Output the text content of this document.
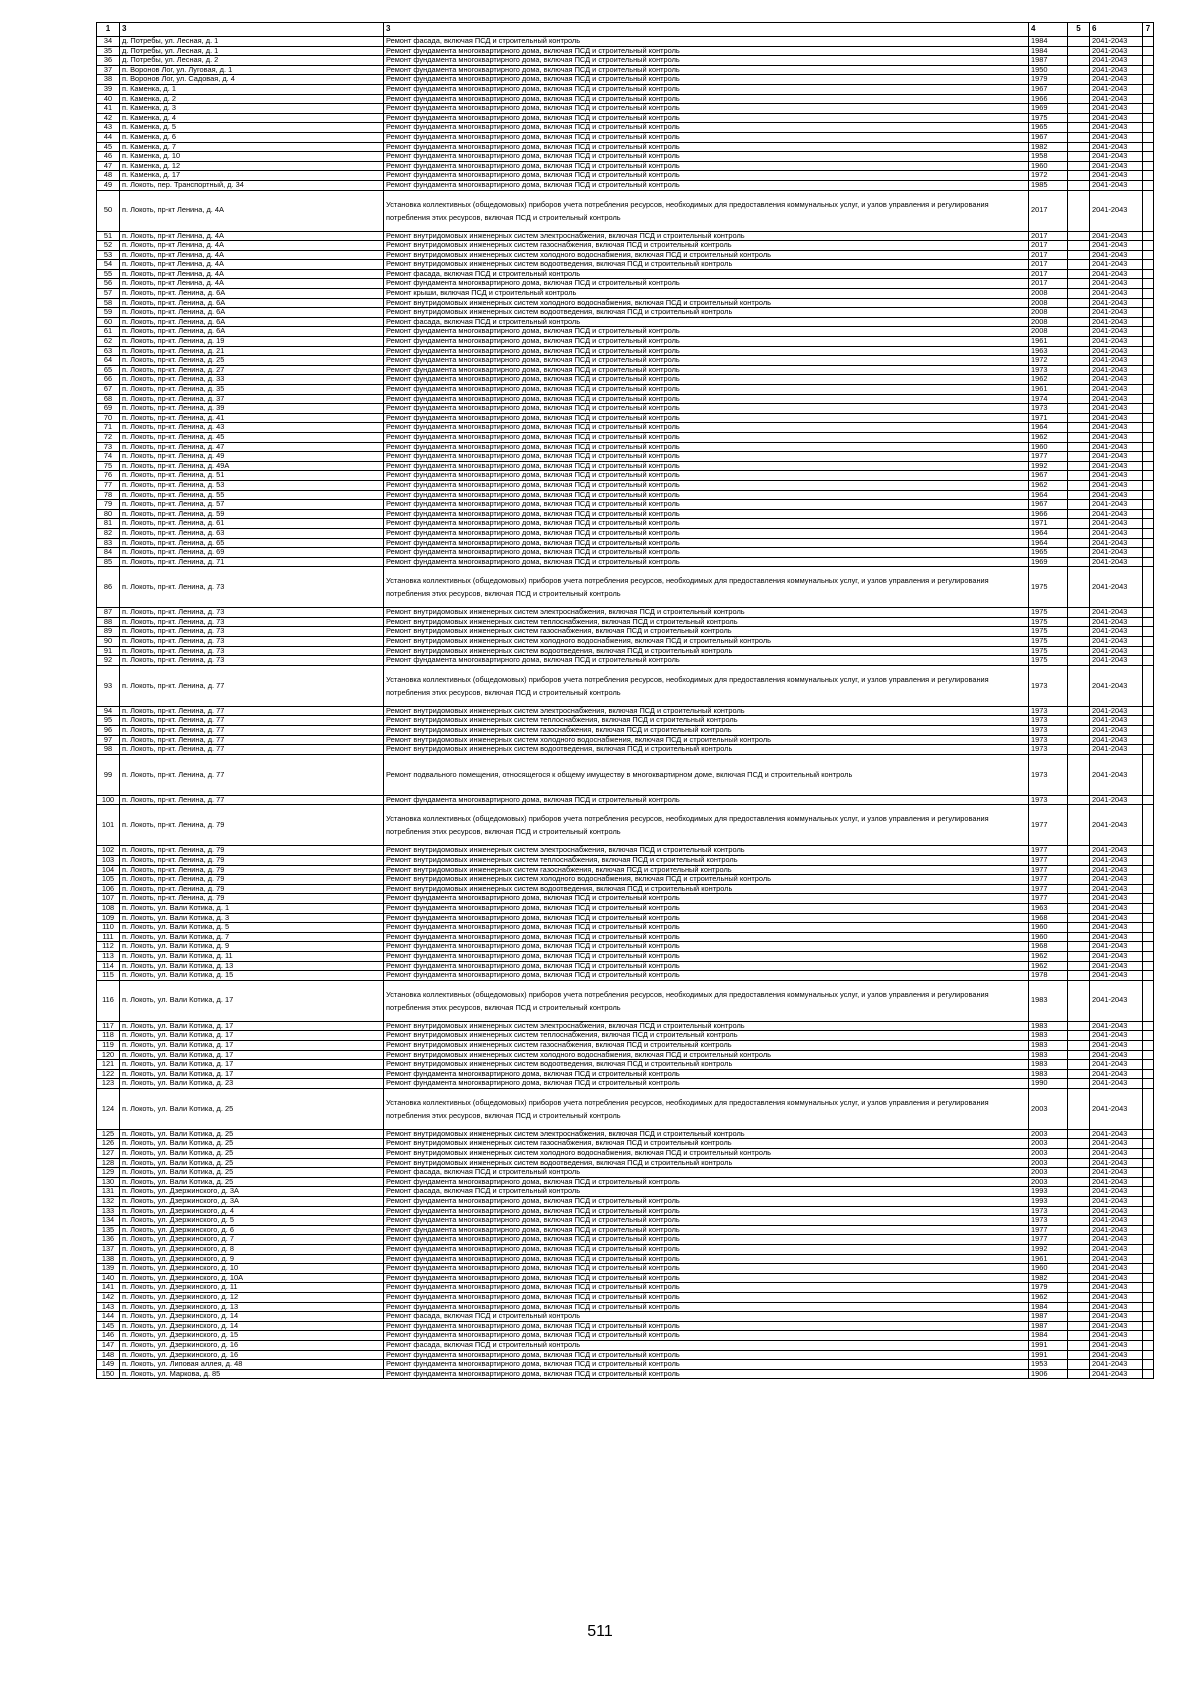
1	3	3	4	5	6	7
34	д. Потребы, ул. Лесная, д. 1	Ремонт фасада, включая ПСД и строительный контроль	1984		2041-2043	
35	д. Потребы, ул. Лесная, д. 1	Ремонт фундамента многоквартирного дома, включая ПСД и строительный контроль	1984		2041-2043	
36	д. Потребы, ул. Лесная, д. 2	Ремонт фундамента многоквартирного дома, включая ПСД и строительный контроль	1987		2041-2043	
37	п. Воронов Лог, ул. Луговая, д. 1	Ремонт фундамента многоквартирного дома, включая ПСД и строительный контроль	1950		2041-2043	
38	п. Воронов Лог, ул. Садовая, д. 4	Ремонт фундамента многоквартирного дома, включая ПСД и строительный контроль	1979		2041-2043	
39	п. Каменка, д. 1	Ремонт фундамента многоквартирного дома, включая ПСД и строительный контроль	1967		2041-2043	
40	п. Каменка, д. 2	Ремонт фундамента многоквартирного дома, включая ПСД и строительный контроль	1966		2041-2043	
41	п. Каменка, д. 3	Ремонт фундамента многоквартирного дома, включая ПСД и строительный контроль	1969		2041-2043	
42	п. Каменка, д. 4	Ремонт фундамента многоквартирного дома, включая ПСД и строительный контроль	1975		2041-2043	
43	п. Каменка, д. 5	Ремонт фундамента многоквартирного дома, включая ПСД и строительный контроль	1965		2041-2043	
44	п. Каменка, д. 6	Ремонт фундамента многоквартирного дома, включая ПСД и строительный контроль	1967		2041-2043	
45	п. Каменка, д. 7	Ремонт фундамента многоквартирного дома, включая ПСД и строительный контроль	1982		2041-2043	
46	п. Каменка, д. 10	Ремонт фундамента многоквартирного дома, включая ПСД и строительный контроль	1958		2041-2043	
47	п. Каменка, д. 12	Ремонт фундамента многоквартирного дома, включая ПСД и строительный контроль	1960		2041-2043	
48	п. Каменка, д. 17	Ремонт фундамента многоквартирного дома, включая ПСД и строительный контроль	1972		2041-2043	
49	п. Локоть, пер. Транспортный, д. 34	Ремонт фундамента многоквартирного дома, включая ПСД и строительный контроль	1985		2041-2043	
50	п. Локоть, пр-кт Ленина, д. 4А	Установка коллективных (общедомовых) приборов учета потребления ресурсов, необходимых для предоставления коммунальных услуг, и узлов управления и регулирования потребления этих ресурсов, включая ПСД и строительный контроль	2017		2041-2043	
51	п. Локоть, пр-кт Ленина, д. 4А	Ремонт внутридомовых инженерных систем электроснабжения, включая ПСД и строительный контроль	2017		2041-2043	
52	п. Локоть, пр-кт Ленина, д. 4А	Ремонт внутридомовых инженерных систем газоснабжения, включая ПСД и строительный контроль	2017		2041-2043	
53	п. Локоть, пр-кт Ленина, д. 4А	Ремонт внутридомовых инженерных систем холодного водоснабжения, включая ПСД и строительный контроль	2017		2041-2043	
54	п. Локоть, пр-кт Ленина, д. 4А	Ремонт внутридомовых инженерных систем водоотведения, включая ПСД и строительный контроль	2017		2041-2043	
55	п. Локоть, пр-кт Ленина, д. 4А	Ремонт фасада, включая ПСД и строительный контроль	2017		2041-2043	
56	п. Локоть, пр-кт Ленина, д. 4А	Ремонт фундамента многоквартирного дома, включая ПСД и строительный контроль	2017		2041-2043	
57	п. Локоть, пр-кт. Ленина, д. 6А	Ремонт крыши, включая ПСД и строительный контроль	2008		2041-2043	
58	п. Локоть, пр-кт. Ленина, д. 6А	Ремонт внутридомовых инженерных систем холодного водоснабжения, включая ПСД и строительный контроль	2008		2041-2043	
59	п. Локоть, пр-кт. Ленина, д. 6А	Ремонт внутридомовых инженерных систем водоотведения, включая ПСД и строительный контроль	2008		2041-2043	
60	п. Локоть, пр-кт. Ленина, д. 6А	Ремонт фасада, включая ПСД и строительный контроль	2008		2041-2043	
61	п. Локоть, пр-кт. Ленина, д. 6А	Ремонт фундамента многоквартирного дома, включая ПСД и строительный контроль	2008		2041-2043	
62	п. Локоть, пр-кт. Ленина, д. 19	Ремонт фундамента многоквартирного дома, включая ПСД и строительный контроль	1961		2041-2043	
63	п. Локоть, пр-кт. Ленина, д. 21	Ремонт фундамента многоквартирного дома, включая ПСД и строительный контроль	1963		2041-2043	
64	п. Локоть, пр-кт. Ленина, д. 25	Ремонт фундамента многоквартирного дома, включая ПСД и строительный контроль	1972		2041-2043	
65	п. Локоть, пр-кт. Ленина, д. 27	Ремонт фундамента многоквартирного дома, включая ПСД и строительный контроль	1973		2041-2043	
66	п. Локоть, пр-кт. Ленина, д. 33	Ремонт фундамента многоквартирного дома, включая ПСД и строительный контроль	1962		2041-2043	
67	п. Локоть, пр-кт. Ленина, д. 35	Ремонт фундамента многоквартирного дома, включая ПСД и строительный контроль	1961		2041-2043	
68	п. Локоть, пр-кт. Ленина, д. 37	Ремонт фундамента многоквартирного дома, включая ПСД и строительный контроль	1974		2041-2043	
69	п. Локоть, пр-кт. Ленина, д. 39	Ремонт фундамента многоквартирного дома, включая ПСД и строительный контроль	1973		2041-2043	
70	п. Локоть, пр-кт. Ленина, д. 41	Ремонт фундамента многоквартирного дома, включая ПСД и строительный контроль	1971		2041-2043	
71	п. Локоть, пр-кт. Ленина, д. 43	Ремонт фундамента многоквартирного дома, включая ПСД и строительный контроль	1964		2041-2043	
72	п. Локоть, пр-кт. Ленина, д. 45	Ремонт фундамента многоквартирного дома, включая ПСД и строительный контроль	1962		2041-2043	
73	п. Локоть, пр-кт. Ленина, д. 47	Ремонт фундамента многоквартирного дома, включая ПСД и строительный контроль	1960		2041-2043	
74	п. Локоть, пр-кт. Ленина, д. 49	Ремонт фундамента многоквартирного дома, включая ПСД и строительный контроль	1977		2041-2043	
75	п. Локоть, пр-кт. Ленина, д. 49А	Ремонт фундамента многоквартирного дома, включая ПСД и строительный контроль	1992		2041-2043	
76	п. Локоть, пр-кт. Ленина, д. 51	Ремонт фундамента многоквартирного дома, включая ПСД и строительный контроль	1967		2041-2043	
77	п. Локоть, пр-кт. Ленина, д. 53	Ремонт фундамента многоквартирного дома, включая ПСД и строительный контроль	1962		2041-2043	
78	п. Локоть, пр-кт. Ленина, д. 55	Ремонт фундамента многоквартирного дома, включая ПСД и строительный контроль	1964		2041-2043	
79	п. Локоть, пр-кт. Ленина, д. 57	Ремонт фундамента многоквартирного дома, включая ПСД и строительный контроль	1967		2041-2043	
80	п. Локоть, пр-кт. Ленина, д. 59	Ремонт фундамента многоквартирного дома, включая ПСД и строительный контроль	1966		2041-2043	
81	п. Локоть, пр-кт. Ленина, д. 61	Ремонт фундамента многоквартирного дома, включая ПСД и строительный контроль	1971		2041-2043	
82	п. Локоть, пр-кт. Ленина, д. 63	Ремонт фундамента многоквартирного дома, включая ПСД и строительный контроль	1964		2041-2043	
83	п. Локоть, пр-кт. Ленина, д. 65	Ремонт фундамента многоквартирного дома, включая ПСД и строительный контроль	1964		2041-2043	
84	п. Локоть, пр-кт. Ленина, д. 69	Ремонт фундамента многоквартирного дома, включая ПСД и строительный контроль	1965		2041-2043	
85	п. Локоть, пр-кт. Ленина, д. 71	Ремонт фундамента многоквартирного дома, включая ПСД и строительный контроль	1969		2041-2043	
86	п. Локоть, пр-кт. Ленина, д. 73	Установка коллективных (общедомовых) приборов учета потребления ресурсов, необходимых для предоставления коммунальных услуг, и узлов управления и регулирования потребления этих ресурсов, включая ПСД и строительный контроль	1975		2041-2043	
87	п. Локоть, пр-кт. Ленина, д. 73	Ремонт внутридомовых инженерных систем электроснабжения, включая ПСД и строительный контроль	1975		2041-2043	
88	п. Локоть, пр-кт. Ленина, д. 73	Ремонт внутридомовых инженерных систем теплоснабжения, включая ПСД и строительный контроль	1975		2041-2043	
89	п. Локоть, пр-кт. Ленина, д. 73	Ремонт внутридомовых инженерных систем газоснабжения, включая ПСД и строительный контроль	1975		2041-2043	
90	п. Локоть, пр-кт. Ленина, д. 73	Ремонт внутридомовых инженерных систем холодного водоснабжения, включая ПСД и строительный контроль	1975		2041-2043	
91	п. Локоть, пр-кт. Ленина, д. 73	Ремонт внутридомовых инженерных систем водоотведения, включая ПСД и строительный контроль	1975		2041-2043	
92	п. Локоть, пр-кт. Ленина, д. 73	Ремонт фундамента многоквартирного дома, включая ПСД и строительный контроль	1975		2041-2043	
93	п. Локоть, пр-кт. Ленина, д. 77	Установка коллективных (общедомовых) приборов учета потребления ресурсов, необходимых для предоставления коммунальных услуг, и узлов управления и регулирования потребления этих ресурсов, включая ПСД и строительный контроль	1973		2041-2043	
94	п. Локоть, пр-кт. Ленина, д. 77	Ремонт внутридомовых инженерных систем электроснабжения, включая ПСД и строительный контроль	1973		2041-2043	
95	п. Локоть, пр-кт. Ленина, д. 77	Ремонт внутридомовых инженерных систем теплоснабжения, включая ПСД и строительный контроль	1973		2041-2043	
96	п. Локоть, пр-кт. Ленина, д. 77	Ремонт внутридомовых инженерных систем газоснабжения, включая ПСД и строительный контроль	1973		2041-2043	
97	п. Локоть, пр-кт. Ленина, д. 77	Ремонт внутридомовых инженерных систем холодного водоснабжения, включая ПСД и строительный контроль	1973		2041-2043	
98	п. Локоть, пр-кт. Ленина, д. 77	Ремонт внутридомовых инженерных систем водоотведения, включая ПСД и строительный контроль	1973		2041-2043	
99	п. Локоть, пр-кт. Ленина, д. 77	Ремонт подвального помещения, относящегося к общему имуществу в многоквартирном доме, включая ПСД и строительный контроль	1973		2041-2043	
100	п. Локоть, пр-кт. Ленина, д. 77	Ремонт фундамента многоквартирного дома, включая ПСД и строительный контроль	1973		2041-2043	
101	п. Локоть, пр-кт. Ленина, д. 79	Установка коллективных (общедомовых) приборов учета потребления ресурсов, необходимых для предоставления коммунальных услуг, и узлов управления и регулирования потребления этих ресурсов, включая ПСД и строительный контроль	1977		2041-2043	
102	п. Локоть, пр-кт. Ленина, д. 79	Ремонт внутридомовых инженерных систем электроснабжения, включая ПСД и строительный контроль	1977		2041-2043	
103	п. Локоть, пр-кт. Ленина, д. 79	Ремонт внутридомовых инженерных систем теплоснабжения, включая ПСД и строительный контроль	1977		2041-2043	
104	п. Локоть, пр-кт. Ленина, д. 79	Ремонт внутридомовых инженерных систем газоснабжения, включая ПСД и строительный контроль	1977		2041-2043	
105	п. Локоть, пр-кт. Ленина, д. 79	Ремонт внутридомовых инженерных систем холодного водоснабжения, включая ПСД и строительный контроль	1977		2041-2043	
106	п. Локоть, пр-кт. Ленина, д. 79	Ремонт внутридомовых инженерных систем водоотведения, включая ПСД и строительный контроль	1977		2041-2043	
107	п. Локоть, пр-кт. Ленина, д. 79	Ремонт фундамента многоквартирного дома, включая ПСД и строительный контроль	1977		2041-2043	
108	п. Локоть, ул. Вали Котика, д. 1	Ремонт фундамента многоквартирного дома, включая ПСД и строительный контроль	1963		2041-2043	
109	п. Локоть, ул. Вали Котика, д. 3	Ремонт фундамента многоквартирного дома, включая ПСД и строительный контроль	1968		2041-2043	
110	п. Локоть, ул. Вали Котика, д. 5	Ремонт фундамента многоквартирного дома, включая ПСД и строительный контроль	1960		2041-2043	
111	п. Локоть, ул. Вали Котика, д. 7	Ремонт фундамента многоквартирного дома, включая ПСД и строительный контроль	1960		2041-2043	
112	п. Локоть, ул. Вали Котика, д. 9	Ремонт фундамента многоквартирного дома, включая ПСД и строительный контроль	1968		2041-2043	
113	п. Локоть, ул. Вали Котика, д. 11	Ремонт фундамента многоквартирного дома, включая ПСД и строительный контроль	1962		2041-2043	
114	п. Локоть, ул. Вали Котика, д. 13	Ремонт фундамента многоквартирного дома, включая ПСД и строительный контроль	1962		2041-2043	
115	п. Локоть, ул. Вали Котика, д. 15	Ремонт фундамента многоквартирного дома, включая ПСД и строительный контроль	1978		2041-2043	
116	п. Локоть, ул. Вали Котика, д. 17	Установка коллективных (общедомовых) приборов учета потребления ресурсов, необходимых для предоставления коммунальных услуг, и узлов управления и регулирования потребления этих ресурсов, включая ПСД и строительный контроль	1983		2041-2043	
117	п. Локоть, ул. Вали Котика, д. 17	Ремонт внутридомовых инженерных систем электроснабжения, включая ПСД и строительный контроль	1983		2041-2043	
118	п. Локоть, ул. Вали Котика, д. 17	Ремонт внутридомовых инженерных систем теплоснабжения, включая ПСД и строительный контроль	1983		2041-2043	
119	п. Локоть, ул. Вали Котика, д. 17	Ремонт внутридомовых инженерных систем газоснабжения, включая ПСД и строительный контроль	1983		2041-2043	
120	п. Локоть, ул. Вали Котика, д. 17	Ремонт внутридомовых инженерных систем холодного водоснабжения, включая ПСД и строительный контроль	1983		2041-2043	
121	п. Локоть, ул. Вали Котика, д. 17	Ремонт внутридомовых инженерных систем водоотведения, включая ПСД и строительный контроль	1983		2041-2043	
122	п. Локоть, ул. Вали Котика, д. 17	Ремонт фундамента многоквартирного дома, включая ПСД и строительный контроль	1983		2041-2043	
123	п. Локоть, ул. Вали Котика, д. 23	Ремонт фундамента многоквартирного дома, включая ПСД и строительный контроль	1990		2041-2043	
124	п. Локоть, ул. Вали Котика, д. 25	Установка коллективных (общедомовых) приборов учета потребления ресурсов, необходимых для предоставления коммунальных услуг, и узлов управления и регулирования потребления этих ресурсов, включая ПСД и строительный контроль	2003		2041-2043	
125	п. Локоть, ул. Вали Котика, д. 25	Ремонт внутридомовых инженерных систем электроснабжения, включая ПСД и строительный контроль	2003		2041-2043	
126	п. Локоть, ул. Вали Котика, д. 25	Ремонт внутридомовых инженерных систем газоснабжения, включая ПСД и строительный контроль	2003		2041-2043	
127	п. Локоть, ул. Вали Котика, д. 25	Ремонт внутридомовых инженерных систем холодного водоснабжения, включая ПСД и строительный контроль	2003		2041-2043	
128	п. Локоть, ул. Вали Котика, д. 25	Ремонт внутридомовых инженерных систем водоотведения, включая ПСД и строительный контроль	2003		2041-2043	
129	п. Локоть, ул. Вали Котика, д. 25	Ремонт фасада, включая ПСД и строительный контроль	2003		2041-2043	
130	п. Локоть, ул. Вали Котика, д. 25	Ремонт фундамента многоквартирного дома, включая ПСД и строительный контроль	2003		2041-2043	
131	п. Локоть, ул. Дзержинского, д. 3А	Ремонт фасада, включая ПСД и строительный контроль	1993		2041-2043	
132	п. Локоть, ул. Дзержинского, д. 3А	Ремонт фундамента многоквартирного дома, включая ПСД и строительный контроль	1993		2041-2043	
133	п. Локоть, ул. Дзержинского, д. 4	Ремонт фундамента многоквартирного дома, включая ПСД и строительный контроль	1973		2041-2043	
134	п. Локоть, ул. Дзержинского, д. 5	Ремонт фундамента многоквартирного дома, включая ПСД и строительный контроль	1973		2041-2043	
135	п. Локоть, ул. Дзержинского, д. 6	Ремонт фундамента многоквартирного дома, включая ПСД и строительный контроль	1977		2041-2043	
136	п. Локоть, ул. Дзержинского, д. 7	Ремонт фундамента многоквартирного дома, включая ПСД и строительный контроль	1977		2041-2043	
137	п. Локоть, ул. Дзержинского, д. 8	Ремонт фундамента многоквартирного дома, включая ПСД и строительный контроль	1992		2041-2043	
138	п. Локоть, ул. Дзержинского, д. 9	Ремонт фундамента многоквартирного дома, включая ПСД и строительный контроль	1961		2041-2043	
139	п. Локоть, ул. Дзержинского, д. 10	Ремонт фундамента многоквартирного дома, включая ПСД и строительный контроль	1960		2041-2043	
140	п. Локоть, ул. Дзержинского, д. 10А	Ремонт фундамента многоквартирного дома, включая ПСД и строительный контроль	1982		2041-2043	
141	п. Локоть, ул. Дзержинского, д. 11	Ремонт фундамента многоквартирного дома, включая ПСД и строительный контроль	1979		2041-2043	
142	п. Локоть, ул. Дзержинского, д. 12	Ремонт фундамента многоквартирного дома, включая ПСД и строительный контроль	1962		2041-2043	
143	п. Локоть, ул. Дзержинского, д. 13	Ремонт фундамента многоквартирного дома, включая ПСД и строительный контроль	1984		2041-2043	
144	п. Локоть, ул. Дзержинского, д. 14	Ремонт фасада, включая ПСД и строительный контроль	1987		2041-2043	
145	п. Локоть, ул. Дзержинского, д. 14	Ремонт фундамента многоквартирного дома, включая ПСД и строительный контроль	1987		2041-2043	
146	п. Локоть, ул. Дзержинского, д. 15	Ремонт фундамента многоквартирного дома, включая ПСД и строительный контроль	1984		2041-2043	
147	п. Локоть, ул. Дзержинского, д. 16	Ремонт фасада, включая ПСД и строительный контроль	1991		2041-2043	
148	п. Локоть, ул. Дзержинского, д. 16	Ремонт фундамента многоквартирного дома, включая ПСД и строительный контроль	1991		2041-2043	
149	п. Локоть, ул. Липовая аллея, д. 48	Ремонт фундамента многоквартирного дома, включая ПСД и строительный контроль	1953		2041-2043	
150	п. Локоть, ул. Маркова, д. 85	Ремонт фундамента многоквартирного дома, включая ПСД и строительный контроль	1906		2041-2043	
511
